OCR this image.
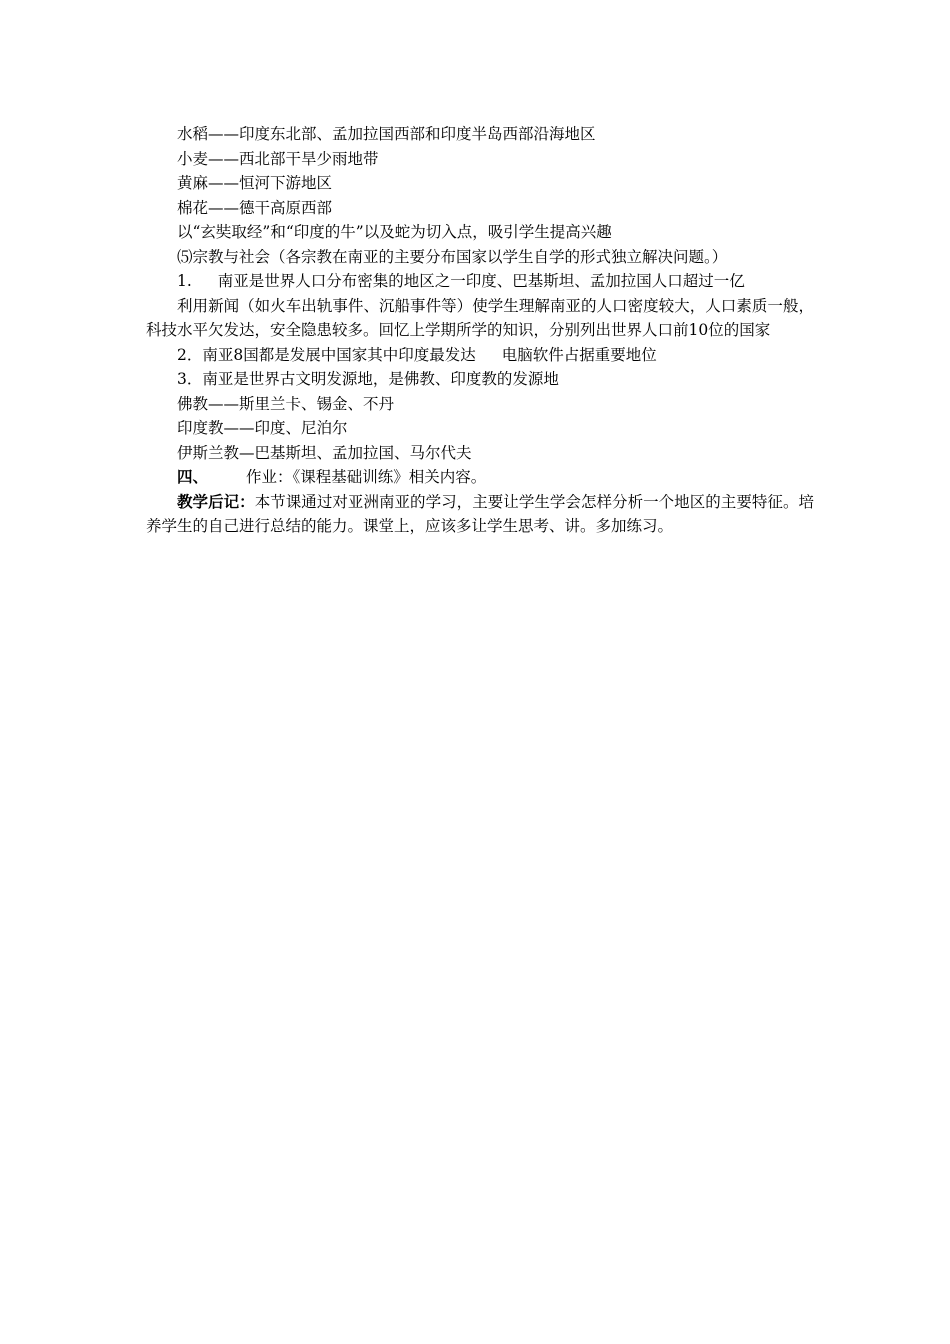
水稻——印度东北部、孟加拉国西部和印度半岛西部沿海地区
小麦——西北部干旱少雨地带
黄麻——恒河下游地区
棉花——德干高原西部
以“玄奘取经”和“印度的牛”以及蛇为切入点，吸引学生提高兴趣
⑸宗教与社会（各宗教在南亚的主要分布国家以学生自学的形式独立解决问题。）
1. 南亚是世界人口分布密集的地区之一印度、巴基斯坦、孟加拉国人口超过一亿
利用新闻（如火车出轨事件、沉船事件等）使学生理解南亚的人口密度较大，人口素质一般，科技水平欠发达，安全隐患较多。回忆上学期所学的知识，分别列出世界人口前10位的国家
2．南亚8国都是发展中国家其中印度最发达 电脑软件占据重要地位
3．南亚是世界古文明发源地，是佛教、印度教的发源地
佛教——斯里兰卡、锡金、不丹
印度教——印度、尼泊尔
伊斯兰教—巴基斯坦、孟加拉国、马尔代夫
四、 作业：《课程基础训练》相关内容。
教学后记：本节课通过对亚洲南亚的学习，主要让学生学会怎样分析一个地区的主要特征。培养学生的自己进行总结的能力。课堂上，应该多让学生思考、讲。多加练习。
